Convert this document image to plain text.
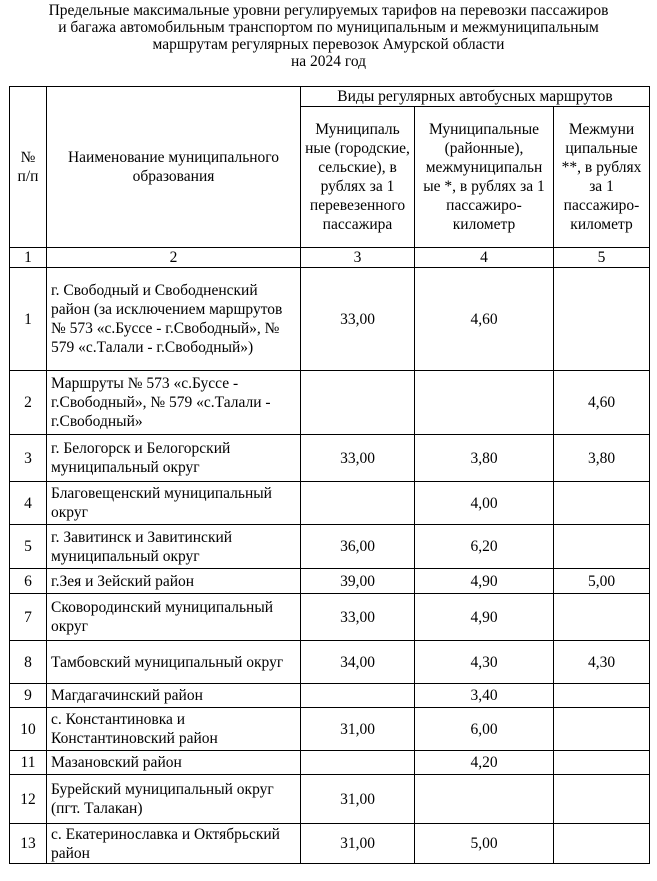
Предельные максимальные уровни регулируемых тарифов на перевозки пассажиров
и багажа автомобильным транспортом по муниципальным и межмуниципальным
маршрутам регулярных перевозок Амурской области
на 2024 год
№ п/п	Наименование муниципального образования	Виды регулярных автобусных маршрутов		
		Муниципаль ные (городские, сельские), в рублях за 1 перевезенного пассажира	Муниципальные (районные), межмуниципальн ые *, в рублях за 1 пассажиро-километр	Межмуни ципальные **, в рублях за 1 пассажиро-километр
1	2	3	4	5
1	г. Свободный и Свободненский район (за исключением маршрутов № 573 «с.Буссе - г.Свободный», № 579 «с.Талали - г.Свободный»)	33,00	4,60	
2	Маршруты № 573 «с.Буссе - г.Свободный», № 579 «с.Талали - г.Свободный»			4,60
3	г. Белогорск и Белогорский муниципальный округ	33,00	3,80	3,80
4	Благовещенский муниципальный округ		4,00	
5	г. Завитинск и Завитинский муниципальный округ	36,00	6,20	
6	г.Зея и Зейский район	39,00	4,90	5,00
7	Сковородинский муниципальный округ	33,00	4,90	
8	Тамбовский муниципальный округ	34,00	4,30	4,30
9	Магдагачинский район		3,40	
10	с. Константиновка и Константиновский район	31,00	6,00	
11	Мазановский район		4,20	
12	Бурейский муниципальный округ (пгт. Талакан)	31,00		
13	с. Екатеринославка и Октябрьский район	31,00	5,00	
